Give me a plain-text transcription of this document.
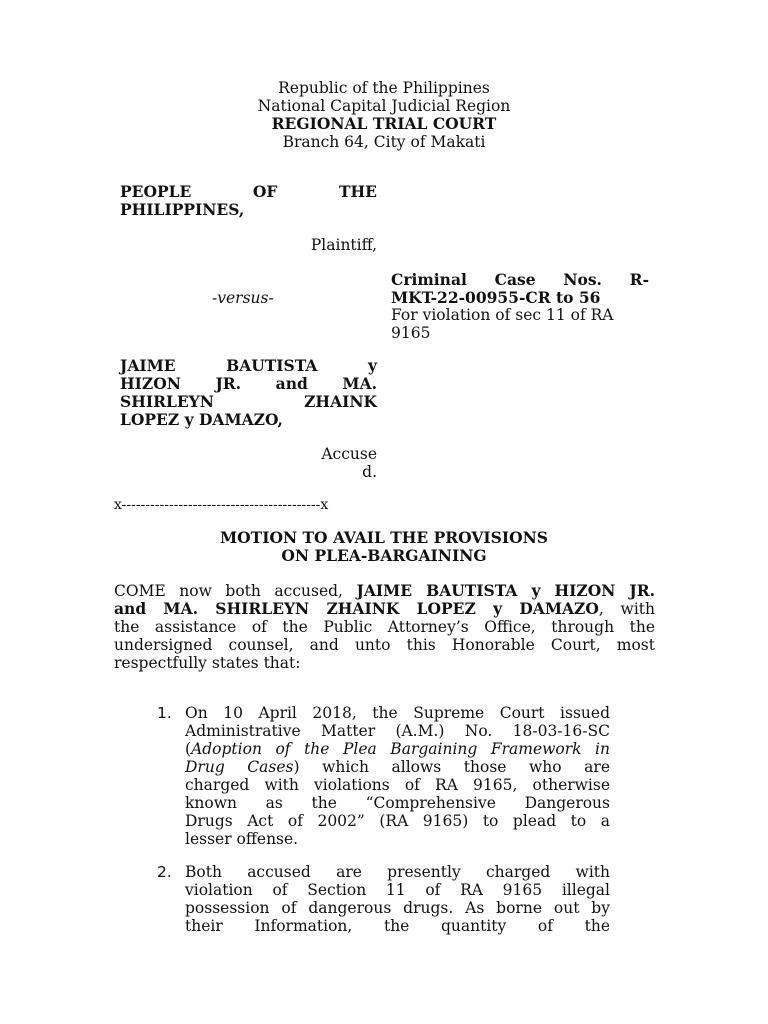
Republic of the Philippines
National Capital Judicial Region
REGIONAL TRIAL COURT
Branch 64, City of Makati
PEOPLE OF THE
PHILIPPINES,
Plaintiff,
-versus-
JAIME BAUTISTA y
HIZON JR. and MA.
SHIRLEYN ZHAINK
LOPEZ y DAMAZO,
Accuse
d.
Criminal Case Nos. R-
MKT-22-00955-CR to 56
For violation of sec 11 of RA
9165
x------------------------------------------x
MOTION TO AVAIL THE PROVISIONS
ON PLEA-BARGAINING
COME now both accused, JAIME BAUTISTA y HIZON JR.
and MA. SHIRLEYN ZHAINK LOPEZ y DAMAZO, with
the assistance of the Public Attorney’s Office, through the
undersigned counsel, and unto this Honorable Court, most
respectfully states that:
1. On 10 April 2018, the Supreme Court issued
Administrative Matter (A.M.) No. 18-03-16-SC
(Adoption of the Plea Bargaining Framework in
Drug Cases) which allows those who are
charged with violations of RA 9165, otherwise
known as the “Comprehensive Dangerous
Drugs Act of 2002” (RA 9165) to plead to a
lesser offense.
2. Both accused are presently charged with
violation of Section 11 of RA 9165 illegal
possession of dangerous drugs. As borne out by
their Information, the quantity of the
